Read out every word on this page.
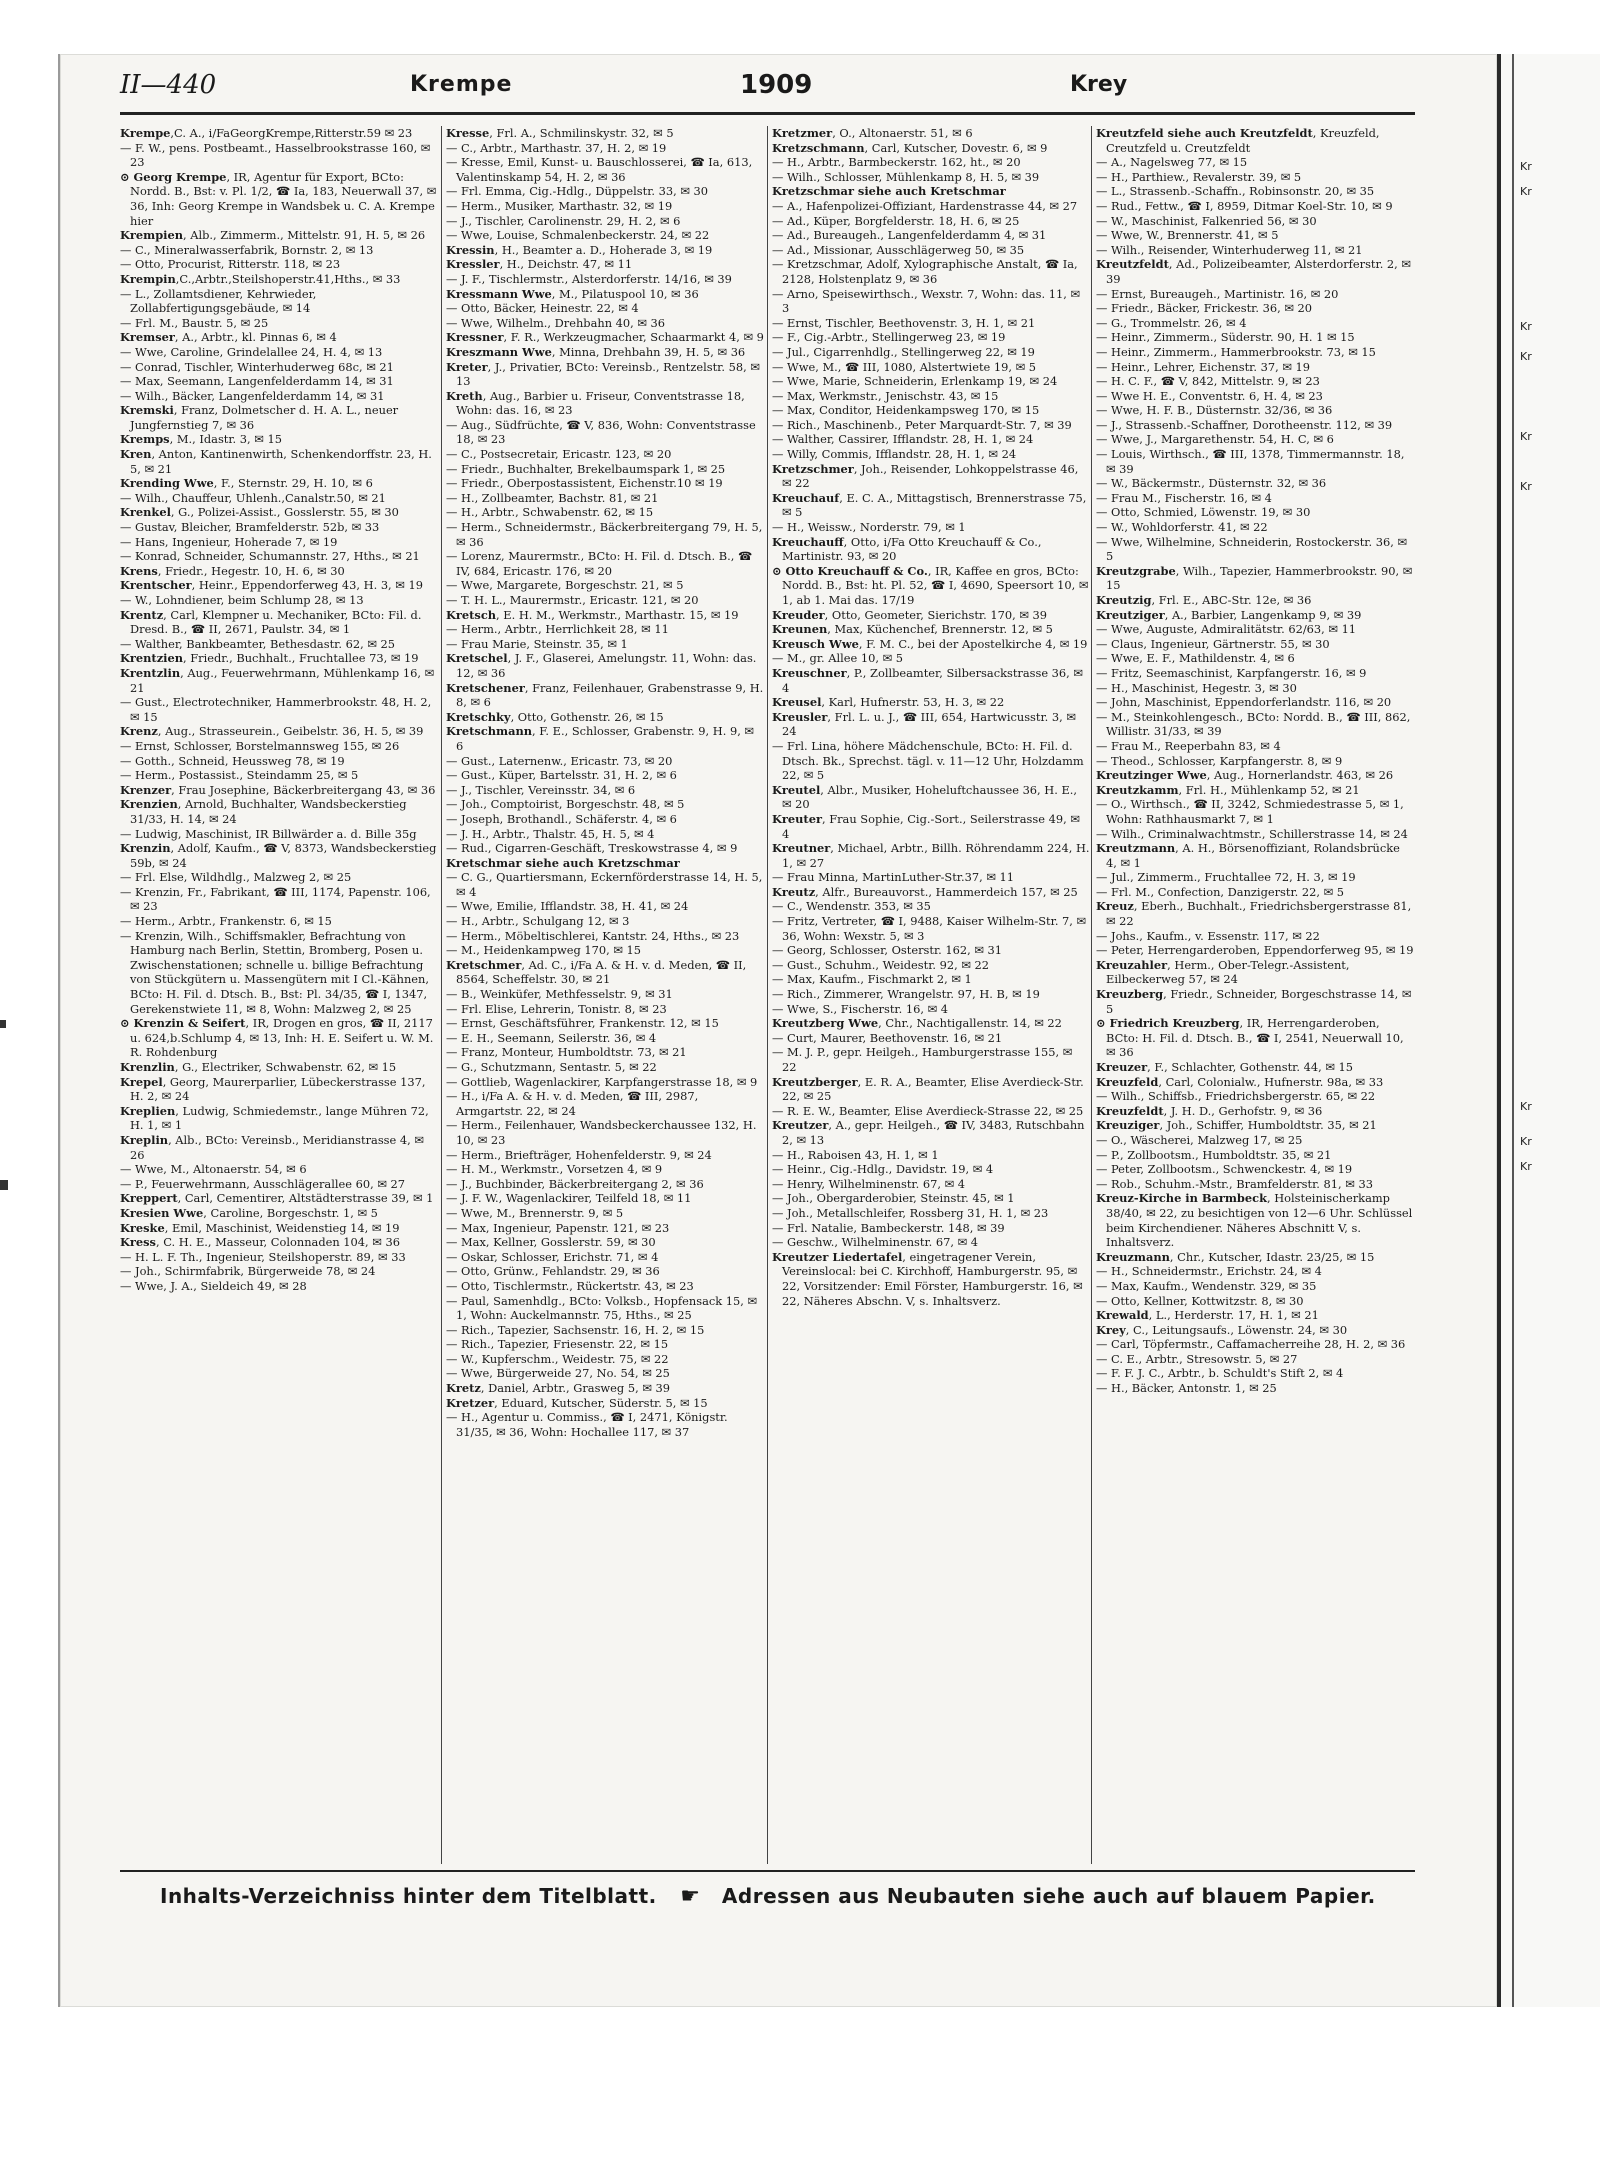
II—440	Krempe	1909	Krey
Krempe,C. A., i/FaGeorgKrempe,Ritterstr.59 ✉ 23
— F. W., pens. Postbeamt., Hasselbrookstrasse 160, ✉ 23
⊙ Georg Krempe, IR, Agentur für Export, BCto: Nordd. B., Bst: v. Pl. 1/2, ☎ Ia, 183, Neuerwall 37, ✉ 36, Inh: Georg Krempe in Wandsbek u. C. A. Krempe hier
Krempien, Alb., Zimmerm., Mittelstr. 91, H. 5, ✉ 26
— C., Mineralwasserfabrik, Bornstr. 2, ✉ 13
— Otto, Procurist, Ritterstr. 118, ✉ 23
Krempin,C.,Arbtr.,Steilshoperstr.41,Hths., ✉ 33
— L., Zollamtsdiener, Kehrwieder, Zollabfertigungsgebäude, ✉ 14
— Frl. M., Baustr. 5, ✉ 25
Kremser, A., Arbtr., kl. Pinnas 6, ✉ 4
— Wwe, Caroline, Grindelallee 24, H. 4, ✉ 13
— Conrad, Tischler, Winterhuderweg 68c, ✉ 21
— Max, Seemann, Langenfelderdamm 14, ✉ 31
— Wilh., Bäcker, Langenfelderdamm 14, ✉ 31
Kremski, Franz, Dolmetscher d. H. A. L., neuer Jungfernstieg 7, ✉ 36
Kremps, M., Idastr. 3, ✉ 15
Kren, Anton, Kantinenwirth, Schenkendorffstr. 23, H. 5, ✉ 21
Krending Wwe, F., Sternstr. 29, H. 10, ✉ 6
— Wilh., Chauffeur, Uhlenh.,Canalstr.50, ✉ 21
Krenkel, G., Polizei-Assist., Gosslerstr. 55, ✉ 30
— Gustav, Bleicher, Bramfelderstr. 52b, ✉ 33
— Hans, Ingenieur, Hoherade 7, ✉ 19
— Konrad, Schneider, Schumannstr. 27, Hths., ✉ 21
Krens, Friedr., Hegestr. 10, H. 6, ✉ 30
Krentscher, Heinr., Eppendorferweg 43, H. 3, ✉ 19
— W., Lohndiener, beim Schlump 28, ✉ 13
Krentz, Carl, Klempner u. Mechaniker, BCto: Fil. d. Dresd. B., ☎ II, 2671, Paulstr. 34, ✉ 1
— Walther, Bankbeamter, Bethesdastr. 62, ✉ 25
Krentzien, Friedr., Buchhalt., Fruchtallee 73, ✉ 19
Krentzlin, Aug., Feuerwehrmann, Mühlenkamp 16, ✉ 21
— Gust., Electrotechniker, Hammerbrookstr. 48, H. 2, ✉ 15
Krenz, Aug., Strasseurein., Geibelstr. 36, H. 5, ✉ 39
— Ernst, Schlosser, Borstelmannsweg 155, ✉ 26
— Gotth., Schneid, Heussweg 78, ✉ 19
— Herm., Postassist., Steindamm 25, ✉ 5
Krenzer, Frau Josephine, Bäckerbreitergang 43, ✉ 36
Krenzien, Arnold, Buchhalter, Wandsbeckerstieg 31/33, H. 14, ✉ 24
— Ludwig, Maschinist, IR Billwärder a. d. Bille 35g
Krenzin, Adolf, Kaufm., ☎ V, 8373, Wandsbeckerstieg 59b, ✉ 24
— Frl. Else, Wildhdlg., Malzweg 2, ✉ 25
— Krenzin, Fr., Fabrikant, ☎ III, 1174, Papenstr. 106, ✉ 23
— Herm., Arbtr., Frankenstr. 6, ✉ 15
— Krenzin, Wilh., Schiffsmakler, Befrachtung von Hamburg nach Berlin, Stettin, Bromberg, Posen u. Zwischenstationen; schnelle u. billige Befrachtung von Stückgütern u. Massengütern mit I Cl.-Kähnen, BCto: H. Fil. d. Dtsch. B., Bst: Pl. 34/35, ☎ I, 1347, Gerekenstwiete 11, ✉ 8, Wohn: Malzweg 2, ✉ 25
⊙ Krenzin & Seifert, IR, Drogen en gros, ☎ II, 2117 u. 624,b.Schlump 4, ✉ 13, Inh: H. E. Seifert u. W. M. R. Rohdenburg
Krenzlin, G., Electriker, Schwabenstr. 62, ✉ 15
Krepel, Georg, Maurerparlier, Lübeckerstrasse 137, H. 2, ✉ 24
Kreplien, Ludwig, Schmiedemstr., lange Mühren 72, H. 1, ✉ 1
Kreplin, Alb., BCto: Vereinsb., Meridianstrasse 4, ✉ 26
— Wwe, M., Altonaerstr. 54, ✉ 6
— P., Feuerwehrmann, Ausschlägerallee 60, ✉ 27
Kreppert, Carl, Cementirer, Altstädterstrasse 39, ✉ 1
Kresien Wwe, Caroline, Borgeschstr. 1, ✉ 5
Kreske, Emil, Maschinist, Weidenstieg 14, ✉ 19
Kress, C. H. E., Masseur, Colonnaden 104, ✉ 36
— H. L. F. Th., Ingenieur, Steilshoperstr. 89, ✉ 33
— Joh., Schirmfabrik, Bürgerweide 78, ✉ 24
— Wwe, J. A., Sieldeich 49, ✉ 28
Kresse, Frl. A., Schmilinskystr. 32, ✉ 5
— C., Arbtr., Marthastr. 37, H. 2, ✉ 19
— Kresse, Emil, Kunst- u. Bauschlosserei, ☎ Ia, 613, Valentinskamp 54, H. 2, ✉ 36
— Frl. Emma, Cig.-Hdlg., Düppelstr. 33, ✉ 30
— Herm., Musiker, Marthastr. 32, ✉ 19
— J., Tischler, Carolinenstr. 29, H. 2, ✉ 6
— Wwe, Louise, Schmalenbeckerstr. 24, ✉ 22
Kressin, H., Beamter a. D., Hoherade 3, ✉ 19
Kressler, H., Deichstr. 47, ✉ 11
— J. F., Tischlermstr., Alsterdorferstr. 14/16, ✉ 39
Kressmann Wwe, M., Pilatuspool 10, ✉ 36
— Otto, Bäcker, Heinestr. 22, ✉ 4
— Wwe, Wilhelm., Drehbahn 40, ✉ 36
Kressner, F. R., Werkzeugmacher, Schaarmarkt 4, ✉ 9
Kreszmann Wwe, Minna, Drehbahn 39, H. 5, ✉ 36
Kreter, J., Privatier, BCto: Vereinsb., Rentzelstr. 58, ✉ 13
Kreth, Aug., Barbier u. Friseur, Conventstrasse 18, Wohn: das. 16, ✉ 23
— Aug., Südfrüchte, ☎ V, 836, Wohn: Conventstrasse 18, ✉ 23
— C., Postsecretair, Ericastr. 123, ✉ 20
— Friedr., Buchhalter, Brekelbaumspark 1, ✉ 25
— Friedr., Oberpostassistent, Eichenstr.10 ✉ 19
— H., Zollbeamter, Bachstr. 81, ✉ 21
— H., Arbtr., Schwabenstr. 62, ✉ 15
— Herm., Schneidermstr., Bäckerbreitergang 79, H. 5, ✉ 36
— Lorenz, Maurermstr., BCto: H. Fil. d. Dtsch. B., ☎ IV, 684, Ericastr. 176, ✉ 20
— Wwe, Margarete, Borgeschstr. 21, ✉ 5
— T. H. L., Maurermstr., Ericastr. 121, ✉ 20
Kretsch, E. H. M., Werkmstr., Marthastr. 15, ✉ 19
— Herm., Arbtr., Herrlichkeit 28, ✉ 11
— Frau Marie, Steinstr. 35, ✉ 1
Kretschel, J. F., Glaserei, Amelungstr. 11, Wohn: das. 12, ✉ 36
Kretschener, Franz, Feilenhauer, Grabenstrasse 9, H. 8, ✉ 6
Kretschky, Otto, Gothenstr. 26, ✉ 15
Kretschmann, F. E., Schlosser, Grabenstr. 9, H. 9, ✉ 6
— Gust., Laternenw., Ericastr. 73, ✉ 20
— Gust., Küper, Bartelsstr. 31, H. 2, ✉ 6
— J., Tischler, Vereinsstr. 34, ✉ 6
— Joh., Comptoirist, Borgeschstr. 48, ✉ 5
— Joseph, Brothandl., Schäferstr. 4, ✉ 6
— J. H., Arbtr., Thalstr. 45, H. 5, ✉ 4
— Rud., Cigarren-Geschäft, Treskowstrasse 4, ✉ 9
Kretschmar siehe auch Kretzschmar
— C. G., Quartiersmann, Eckernförderstrasse 14, H. 5, ✉ 4
— Wwe, Emilie, Ifflandstr. 38, H. 41, ✉ 24
— H., Arbtr., Schulgang 12, ✉ 3
— Herm., Möbeltischlerei, Kantstr. 24, Hths., ✉ 23
— M., Heidenkampweg 170, ✉ 15
Kretschmer, Ad. C., i/Fa A. & H. v. d. Meden, ☎ II, 8564, Scheffelstr. 30, ✉ 21
— B., Weinküfer, Methfesselstr. 9, ✉ 31
— Frl. Elise, Lehrerin, Tonistr. 8, ✉ 23
— Ernst, Geschäftsführer, Frankenstr. 12, ✉ 15
— E. H., Seemann, Seilerstr. 36, ✉ 4
— Franz, Monteur, Humboldtstr. 73, ✉ 21
— G., Schutzmann, Sentastr. 5, ✉ 22
— Gottlieb, Wagenlackirer, Karpfangerstrasse 18, ✉ 9
— H., i/Fa A. & H. v. d. Meden, ☎ III, 2987, Armgartstr. 22, ✉ 24
— Herm., Feilenhauer, Wandsbeckerchaussee 132, H. 10, ✉ 23
— Herm., Briefträger, Hohenfelderstr. 9, ✉ 24
— H. M., Werkmstr., Vorsetzen 4, ✉ 9
— J., Buchbinder, Bäckerbreitergang 2, ✉ 36
— J. F. W., Wagenlackirer, Teilfeld 18, ✉ 11
— Wwe, M., Brennerstr. 9, ✉ 5
— Max, Ingenieur, Papenstr. 121, ✉ 23
— Max, Kellner, Gosslerstr. 59, ✉ 30
— Oskar, Schlosser, Erichstr. 71, ✉ 4
— Otto, Grünw., Fehlandstr. 29, ✉ 36
— Otto, Tischlermstr., Rückertstr. 43, ✉ 23
— Paul, Samenhdlg., BCto: Volksb., Hopfensack 15, ✉ 1, Wohn: Auckelmannstr. 75, Hths., ✉ 25
— Rich., Tapezier, Sachsenstr. 16, H. 2, ✉ 15
— Rich., Tapezier, Friesenstr. 22, ✉ 15
— W., Kupferschm., Weidestr. 75, ✉ 22
— Wwe, Bürgerweide 27, No. 54, ✉ 25
Kretz, Daniel, Arbtr., Grasweg 5, ✉ 39
Kretzer, Eduard, Kutscher, Süderstr. 5, ✉ 15
— H., Agentur u. Commiss., ☎ I, 2471, Königstr. 31/35, ✉ 36, Wohn: Hochallee 117, ✉ 37
Kretzmer, O., Altonaerstr. 51, ✉ 6
Kretzschmann, Carl, Kutscher, Dovestr. 6, ✉ 9
— H., Arbtr., Barmbeckerstr. 162, ht., ✉ 20
— Wilh., Schlosser, Mühlenkamp 8, H. 5, ✉ 39
Kretzschmar siehe auch Kretschmar
— A., Hafenpolizei-Offiziant, Hardenstrasse 44, ✉ 27
— Ad., Küper, Borgfelderstr. 18, H. 6, ✉ 25
— Ad., Bureaugeh., Langenfelderdamm 4, ✉ 31
— Ad., Missionar, Ausschlägerweg 50, ✉ 35
— Kretzschmar, Adolf, Xylographische Anstalt, ☎ Ia, 2128, Holstenplatz 9, ✉ 36
— Arno, Speisewirthsch., Wexstr. 7, Wohn: das. 11, ✉ 3
— Ernst, Tischler, Beethovenstr. 3, H. 1, ✉ 21
— F., Cig.-Arbtr., Stellingerweg 23, ✉ 19
— Jul., Cigarrenhdlg., Stellingerweg 22, ✉ 19
— Wwe, M., ☎ III, 1080, Alstertwiete 19, ✉ 5
— Wwe, Marie, Schneiderin, Erlenkamp 19, ✉ 24
— Max, Werkmstr., Jenischstr. 43, ✉ 15
— Max, Conditor, Heidenkampsweg 170, ✉ 15
— Rich., Maschinenb., Peter Marquardt-Str. 7, ✉ 39
— Walther, Cassirer, Ifflandstr. 28, H. 1, ✉ 24
— Willy, Commis, Ifflandstr. 28, H. 1, ✉ 24
Kretzschmer, Joh., Reisender, Lohkoppelstrasse 46, ✉ 22
Kreuchauf, E. C. A., Mittagstisch, Brennerstrasse 75, ✉ 5
— H., Weissw., Norderstr. 79, ✉ 1
Kreuchauff, Otto, i/Fa Otto Kreuchauff & Co., Martinistr. 93, ✉ 20
⊙ Otto Kreuchauff & Co., IR, Kaffee en gros, BCto: Nordd. B., Bst: ht. Pl. 52, ☎ I, 4690, Speersort 10, ✉ 1, ab 1. Mai das. 17/19
Kreuder, Otto, Geometer, Sierichstr. 170, ✉ 39
Kreunen, Max, Küchenchef, Brennerstr. 12, ✉ 5
Kreusch Wwe, F. M. C., bei der Apostelkirche 4, ✉ 19
— M., gr. Allee 10, ✉ 5
Kreuschner, P., Zollbeamter, Silbersackstrasse 36, ✉ 4
Kreusel, Karl, Hufnerstr. 53, H. 3, ✉ 22
Kreusler, Frl. L. u. J., ☎ III, 654, Hartwicusstr. 3, ✉ 24
— Frl. Lina, höhere Mädchenschule, BCto: H. Fil. d. Dtsch. Bk., Sprechst. tägl. v. 11—12 Uhr, Holzdamm 22, ✉ 5
Kreutel, Albr., Musiker, Hoheluftchaussee 36, H. E., ✉ 20
Kreuter, Frau Sophie, Cig.-Sort., Seilerstrasse 49, ✉ 4
Kreutner, Michael, Arbtr., Billh. Röhrendamm 224, H. 1, ✉ 27
— Frau Minna, MartinLuther-Str.37, ✉ 11
Kreutz, Alfr., Bureauvorst., Hammerdeich 157, ✉ 25
— C., Wendenstr. 353, ✉ 35
— Fritz, Vertreter, ☎ I, 9488, Kaiser Wilhelm-Str. 7, ✉ 36, Wohn: Wexstr. 5, ✉ 3
— Georg, Schlosser, Osterstr. 162, ✉ 31
— Gust., Schuhm., Weidestr. 92, ✉ 22
— Max, Kaufm., Fischmarkt 2, ✉ 1
— Rich., Zimmerer, Wrangelstr. 97, H. B, ✉ 19
— Wwe, S., Fischerstr. 16, ✉ 4
Kreutzberg Wwe, Chr., Nachtigallenstr. 14, ✉ 22
— Curt, Maurer, Beethovenstr. 16, ✉ 21
— M. J. P., gepr. Heilgeh., Hamburgerstrasse 155, ✉ 22
Kreutzberger, E. R. A., Beamter, Elise Averdieck-Str. 22, ✉ 25
— R. E. W., Beamter, Elise Averdieck-Strasse 22, ✉ 25
Kreutzer, A., gepr. Heilgeh., ☎ IV, 3483, Rutschbahn 2, ✉ 13
— H., Raboisen 43, H. 1, ✉ 1
— Heinr., Cig.-Hdlg., Davidstr. 19, ✉ 4
— Henry, Wilhelminenstr. 67, ✉ 4
— Joh., Obergarderobier, Steinstr. 45, ✉ 1
— Joh., Metallschleifer, Rossberg 31, H. 1, ✉ 23
— Frl. Natalie, Bambeckerstr. 148, ✉ 39
— Geschw., Wilhelminenstr. 67, ✉ 4
Kreutzer Liedertafel, eingetragener Verein, Vereinslocal: bei C. Kirchhoff, Hamburgerstr. 95, ✉ 22, Vorsitzender: Emil Förster, Hamburgerstr. 16, ✉ 22, Näheres Abschn. V, s. Inhaltsverz.
Kreutzfeld siehe auch Kreutzfeldt, Kreuzfeld, Creutzfeld u. Creutzfeldt
— A., Nagelsweg 77, ✉ 15
— H., Parthiew., Revalerstr. 39, ✉ 5
— L., Strassenb.-Schaffn., Robinsonstr. 20, ✉ 35
— Rud., Fettw., ☎ I, 8959, Ditmar Koel-Str. 10, ✉ 9
— W., Maschinist, Falkenried 56, ✉ 30
— Wwe, W., Brennerstr. 41, ✉ 5
— Wilh., Reisender, Winterhuderweg 11, ✉ 21
Kreutzfeldt, Ad., Polizeibeamter, Alsterdorferstr. 2, ✉ 39
— Ernst, Bureaugeh., Martinistr. 16, ✉ 20
— Friedr., Bäcker, Frickestr. 36, ✉ 20
— G., Trommelstr. 26, ✉ 4
— Heinr., Zimmerm., Süderstr. 90, H. 1 ✉ 15
— Heinr., Zimmerm., Hammerbrookstr. 73, ✉ 15
— Heinr., Lehrer, Eichenstr. 37, ✉ 19
— H. C. F., ☎ V, 842, Mittelstr. 9, ✉ 23
— Wwe H. E., Conventstr. 6, H. 4, ✉ 23
— Wwe, H. F. B., Düsternstr. 32/36, ✉ 36
— J., Strassenb.-Schaffner, Dorotheenstr. 112, ✉ 39
— Wwe, J., Margarethenstr. 54, H. C, ✉ 6
— Louis, Wirthsch., ☎ III, 1378, Timmermannstr. 18, ✉ 39
— W., Bäckermstr., Düsternstr. 32, ✉ 36
— Frau M., Fischerstr. 16, ✉ 4
— Otto, Schmied, Löwenstr. 19, ✉ 30
— W., Wohldorferstr. 41, ✉ 22
— Wwe, Wilhelmine, Schneiderin, Rostockerstr. 36, ✉ 5
Kreutzgrabe, Wilh., Tapezier, Hammerbrookstr. 90, ✉ 15
Kreutzig, Frl. E., ABC-Str. 12e, ✉ 36
Kreutziger, A., Barbier, Langenkamp 9, ✉ 39
— Wwe, Auguste, Admiralitätstr. 62/63, ✉ 11
— Claus, Ingenieur, Gärtnerstr. 55, ✉ 30
— Wwe, E. F., Mathildenstr. 4, ✉ 6
— Fritz, Seemaschinist, Karpfangerstr. 16, ✉ 9
— H., Maschinist, Hegestr. 3, ✉ 30
— John, Maschinist, Eppendorferlandstr. 116, ✉ 20
— M., Steinkohlengesch., BCto: Nordd. B., ☎ III, 862, Willistr. 31/33, ✉ 39
— Frau M., Reeperbahn 83, ✉ 4
— Theod., Schlosser, Karpfangerstr. 8, ✉ 9
Kreutzinger Wwe, Aug., Hornerlandstr. 463, ✉ 26
Kreutzkamm, Frl. H., Mühlenkamp 52, ✉ 21
— O., Wirthsch., ☎ II, 3242, Schmiedestrasse 5, ✉ 1, Wohn: Rathhausmarkt 7, ✉ 1
— Wilh., Criminalwachtmstr., Schillerstrasse 14, ✉ 24
Kreutzmann, A. H., Börsenoffiziant, Rolandsbrücke 4, ✉ 1
— Jul., Zimmerm., Fruchtallee 72, H. 3, ✉ 19
— Frl. M., Confection, Danzigerstr. 22, ✉ 5
Kreuz, Eberh., Buchhalt., Friedrichsbergerstrasse 81, ✉ 22
— Johs., Kaufm., v. Essenstr. 117, ✉ 22
— Peter, Herrengarderoben, Eppendorferweg 95, ✉ 19
Kreuzahler, Herm., Ober-Telegr.-Assistent, Eilbeckerweg 57, ✉ 24
Kreuzberg, Friedr., Schneider, Borgeschstrasse 14, ✉ 5
⊙ Friedrich Kreuzberg, IR, Herrengarderoben, BCto: H. Fil. d. Dtsch. B., ☎ I, 2541, Neuerwall 10, ✉ 36
Kreuzer, F., Schlachter, Gothenstr. 44, ✉ 15
Kreuzfeld, Carl, Colonialw., Hufnerstr. 98a, ✉ 33
— Wilh., Schiffsb., Friedrichsbergerstr. 65, ✉ 22
Kreuzfeldt, J. H. D., Gerhofstr. 9, ✉ 36
Kreuziger, Joh., Schiffer, Humboldtstr. 35, ✉ 21
— O., Wäscherei, Malzweg 17, ✉ 25
— P., Zollbootsm., Humboldtstr. 35, ✉ 21
— Peter, Zollbootsm., Schwenckestr. 4, ✉ 19
— Rob., Schuhm.-Mstr., Bramfelderstr. 81, ✉ 33
Kreuz-Kirche in Barmbeck, Holsteinischerkamp 38/40, ✉ 22, zu besichtigen von 12—6 Uhr. Schlüssel beim Kirchendiener. Näheres Abschnitt V, s. Inhaltsverz.
Kreuzmann, Chr., Kutscher, Idastr. 23/25, ✉ 15
— H., Schneidermstr., Erichstr. 24, ✉ 4
— Max, Kaufm., Wendenstr. 329, ✉ 35
— Otto, Kellner, Kottwitzstr. 8, ✉ 30
Krewald, L., Herderstr. 17, H. 1, ✉ 21
Krey, C., Leitungsaufs., Löwenstr. 24, ✉ 30
— Carl, Töpfermstr., Caffamacherreihe 28, H. 2, ✉ 36
— C. E., Arbtr., Stresowstr. 5, ✉ 27
— F. F. J. C., Arbtr., b. Schuldt's Stift 2, ✉ 4
— H., Bäcker, Antonstr. 1, ✉ 25
Inhalts-Verzeichniss hinter dem Titelblatt. ☛ Adressen aus Neubauten siehe auch auf blauem Papier.
Kr
Kr
Kr
Kr
Kr
Kr
Kr
Kr
Kr
